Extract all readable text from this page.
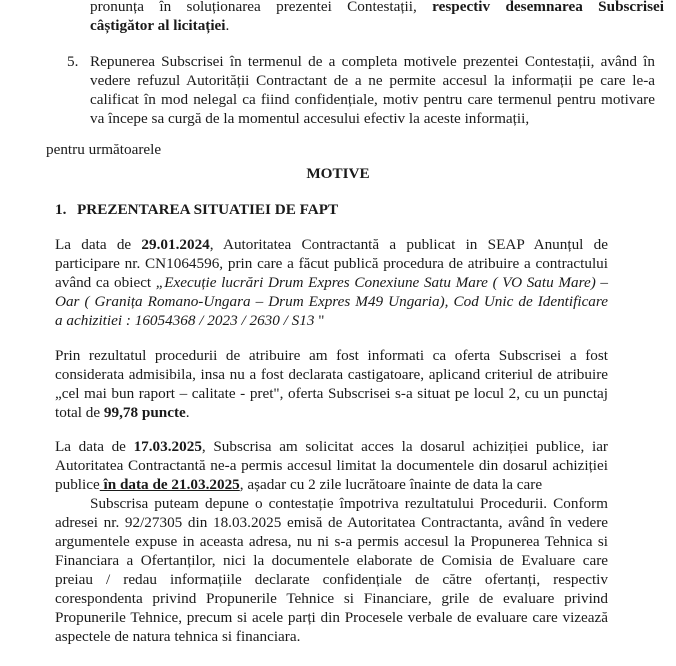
pronunța în soluționarea prezentei Contestații, respectiv desemnarea Subscrisei
câștigător al licitației.
5. Repunerea Subscrisei în termenul de a completa motivele prezentei Contestații, având în
vedere refuzul Autorității Contractant de a ne permite accesul la informații pe care le-a
calificat în mod nelegal ca fiind confidențiale, motiv pentru care termenul pentru motivare
va începe sa curgă de la momentul accesului efectiv la aceste informații,
pentru următoarele
MOTIVE
1. PREZENTAREA SITUATIEI DE FAPT
La data de 29.01.2024, Autoritatea Contractantă a publicat in SEAP Anunțul de
participare nr. CN1064596, prin care a făcut publică procedura de atribuire a contractului
având ca obiect „Execuție lucrări Drum Expres Conexiune Satu Mare ( VO Satu Mare) –
Oar ( Granița Romano-Ungara – Drum Expres M49 Ungaria), Cod Unic de Identificare
a achizitiei : 16054368 / 2023 / 2630 / S13 "
Prin rezultatul procedurii de atribuire am fost informati ca oferta Subscrisei a fost
considerata admisibila, insa nu a fost declarata castigatoare, aplicand criteriul de atribuire
„cel mai bun raport – calitate - pret", oferta Subscrisei s-a situat pe locul 2, cu un punctaj
total de 99,78 puncte.
La data de 17.03.2025, Subscrisa am solicitat acces la dosarul achiziției publice, iar
Autoritatea Contractantă ne-a permis accesul limitat la documentele din dosarul achiziției
publice în data de 21.03.2025, așadar cu 2 zile lucrătoare înainte de data la care
Subscrisa puteam depune o contestație împotriva rezultatului Procedurii. Conform
adresei nr. 92/27305 din 18.03.2025 emisă de Autoritatea Contractanta, având în vedere
argumentele expuse in aceasta adresa, nu ni s-a permis accesul la Propunerea Tehnica si
Financiara a Ofertanților, nici la documentele elaborate de Comisia de Evaluare care
preiau / redau informațiile declarate confidențiale de către ofertanți, respectiv
corespondenta privind Propunerile Tehnice si Financiare, grile de evaluare privind
Propunerile Tehnice, precum si acele parți din Procesele verbale de evaluare care vizează
aspectele de natura tehnica si financiara.
